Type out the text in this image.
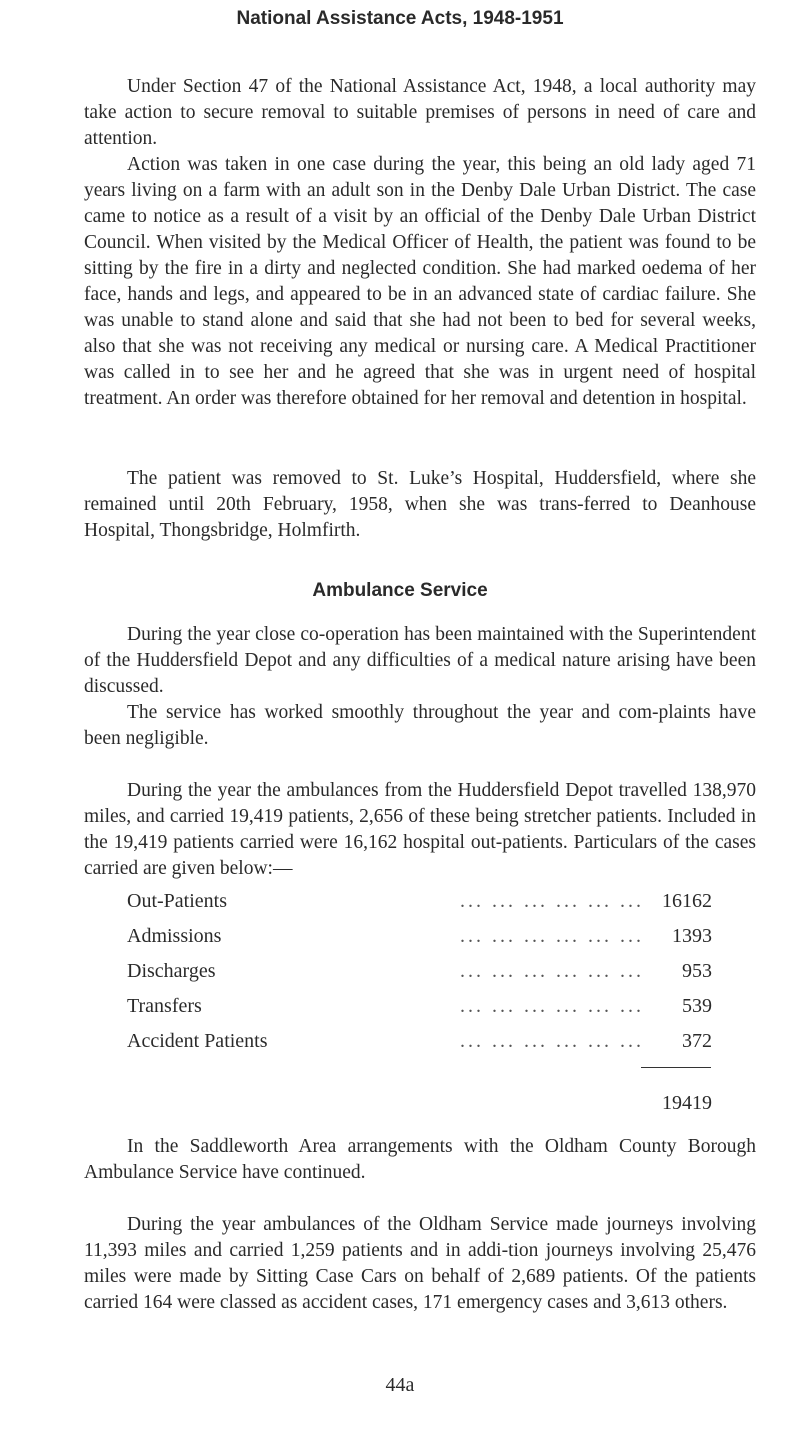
National Assistance Acts, 1948-1951

Under Section 47 of the National Assistance Act, 1948, a local authority may take action to secure removal to suitable premises of persons in need of care and attention.

Action was taken in one case during the year, this being an old lady aged 71 years living on a farm with an adult son in the Denby Dale Urban District. The case came to notice as a result of a visit by an official of the Denby Dale Urban District Council. When visited by the Medical Officer of Health, the patient was found to be sitting by the fire in a dirty and neglected condition. She had marked oedema of her face, hands and legs, and appeared to be in an advanced state of cardiac failure. She was unable to stand alone and said that she had not been to bed for several weeks, also that she was not receiving any medical or nursing care. A Medical Practitioner was called in to see her and he agreed that she was in urgent need of hospital treatment. An order was therefore obtained for her removal and detention in hospital.

The patient was removed to St. Luke’s Hospital, Huddersfield, where she remained until 20th February, 1958, when she was trans-ferred to Deanhouse Hospital, Thongsbridge, Holmfirth.

Ambulance Service

During the year close co-operation has been maintained with the Superintendent of the Huddersfield Depot and any difficulties of a medical nature arising have been discussed.

The service has worked smoothly throughout the year and com-plaints have been negligible.

During the year the ambulances from the Huddersfield Depot travelled 138,970 miles, and carried 19,419 patients, 2,656 of these being stretcher patients. Included in the 19,419 patients carried were 16,162 hospital out-patients. Particulars of the cases carried are given below:—

Out-Patients	... ... ... ... ... ... 16162
Admissions	... ... ... ... ... ...	1393
Discharges	... ... ... ... ... ...	953
Transfers	... ... ... ... ... ...	539
Accident Patients	... ... ... ... ... ...	372
19419

In the Saddleworth Area arrangements with the Oldham County Borough Ambulance Service have continued.

During the year ambulances of the Oldham Service made journeys involving 11,393 miles and carried 1,259 patients and in addi-tion journeys involving 25,476 miles were made by Sitting Case Cars on behalf of 2,689 patients. Of the patients carried 164 were classed as accident cases, 171 emergency cases and 3,613 others.

44a
